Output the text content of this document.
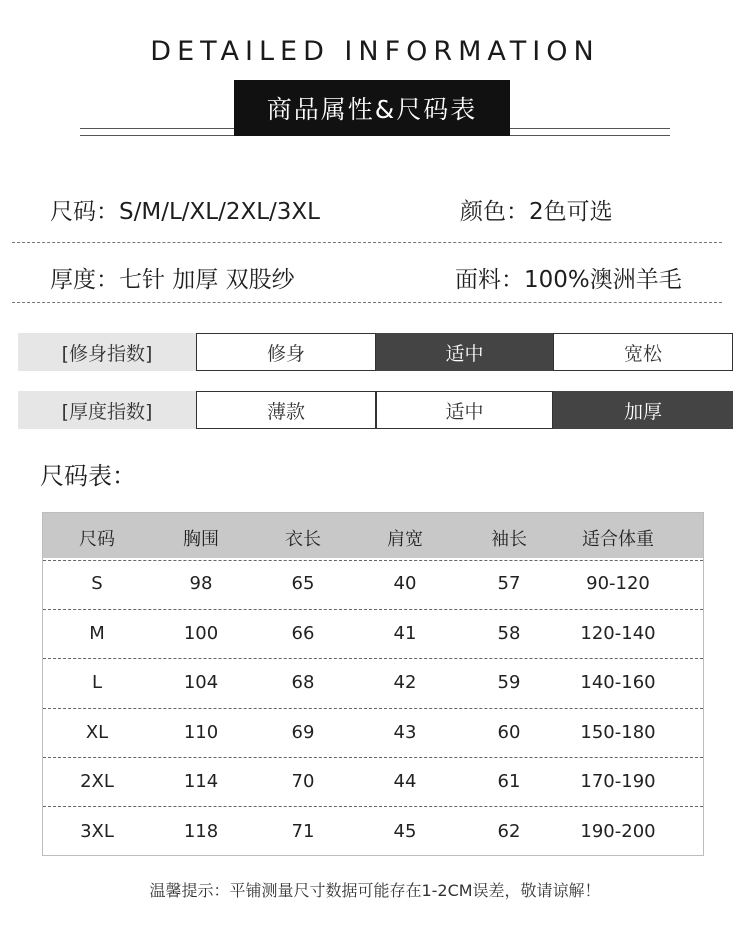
DETAILED INFORMATION
商品属性&尺码表
尺码：S/M/L/XL/2XL/3XL	颜色：2色可选
厚度：七针 加厚 双股纱	面料：100%澳洲羊毛
[修身指数]	修身	适中	宽松
[厚度指数]	薄款	适中	加厚
尺码表：
尺码	胸围	衣长	肩宽	袖长	适合体重
S	98	65	40	57	90-120
M	100	66	41	58	120-140
L	104	68	42	59	140-160
XL	110	69	43	60	150-180
2XL	114	70	44	61	170-190
3XL	118	71	45	62	190-200
温馨提示：平铺测量尺寸数据可能存在1-2CM误差，敬请谅解！
